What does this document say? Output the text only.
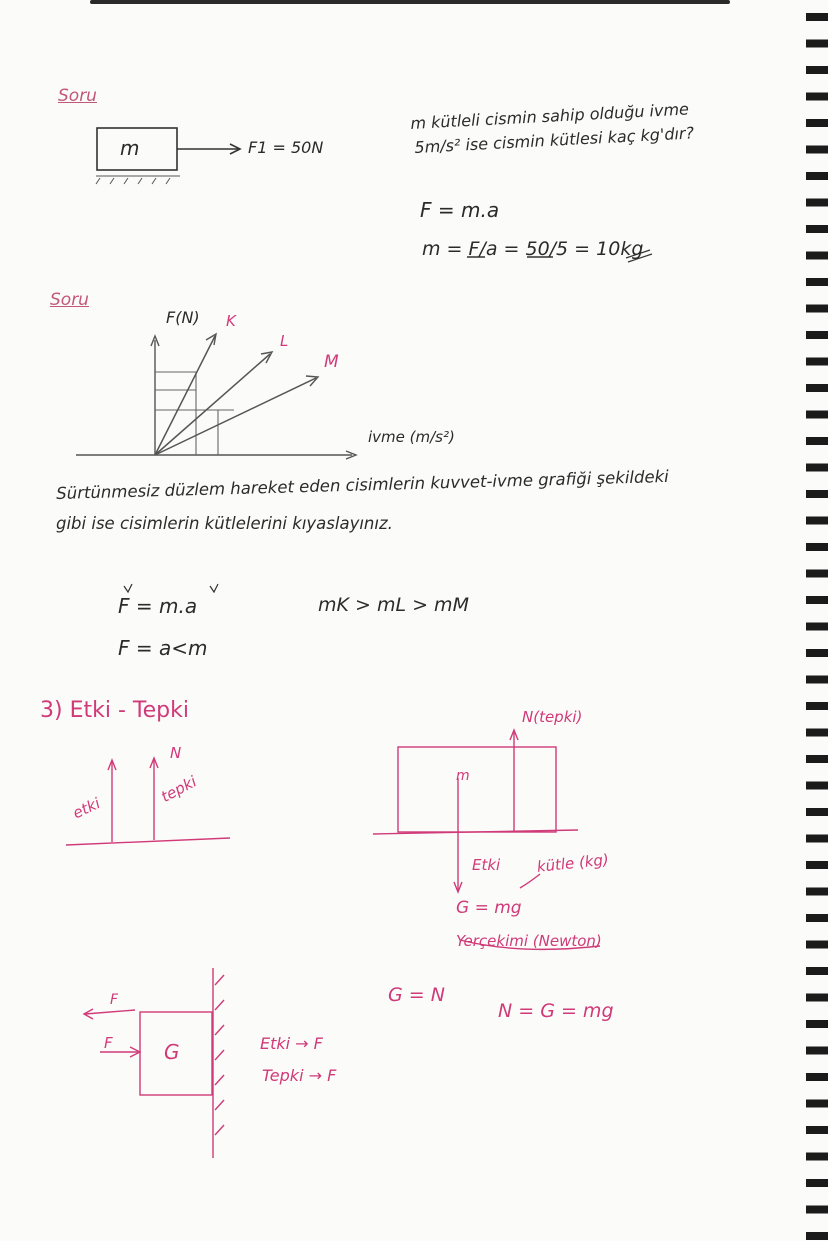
Soru
m	F1 = 50N
m kütleli cismin sahip olduğu ivme
5m/s² ise cismin kütlesi kaç kg'dır?
F = m.a
m = F/a = 50/5 = 10kg
Soru
F(N) K
L
M
ivme (m/s²)
Sürtünmesiz düzlem hareket eden cisimlerin kuvvet-ivme grafiği şekildeki
gibi ise cisimlerin kütlelerini kıyaslayınız.
F = m.a
F = a<m
mK > mL > mM
3) Etki - Tepki
N
etki
tepki
N(tepki)
m
Etki kütle (kg)
G = mg
Yerçekimi (Newton)
G = N
N = G = mg
F
F	G	Etki → F
Tepki → F
